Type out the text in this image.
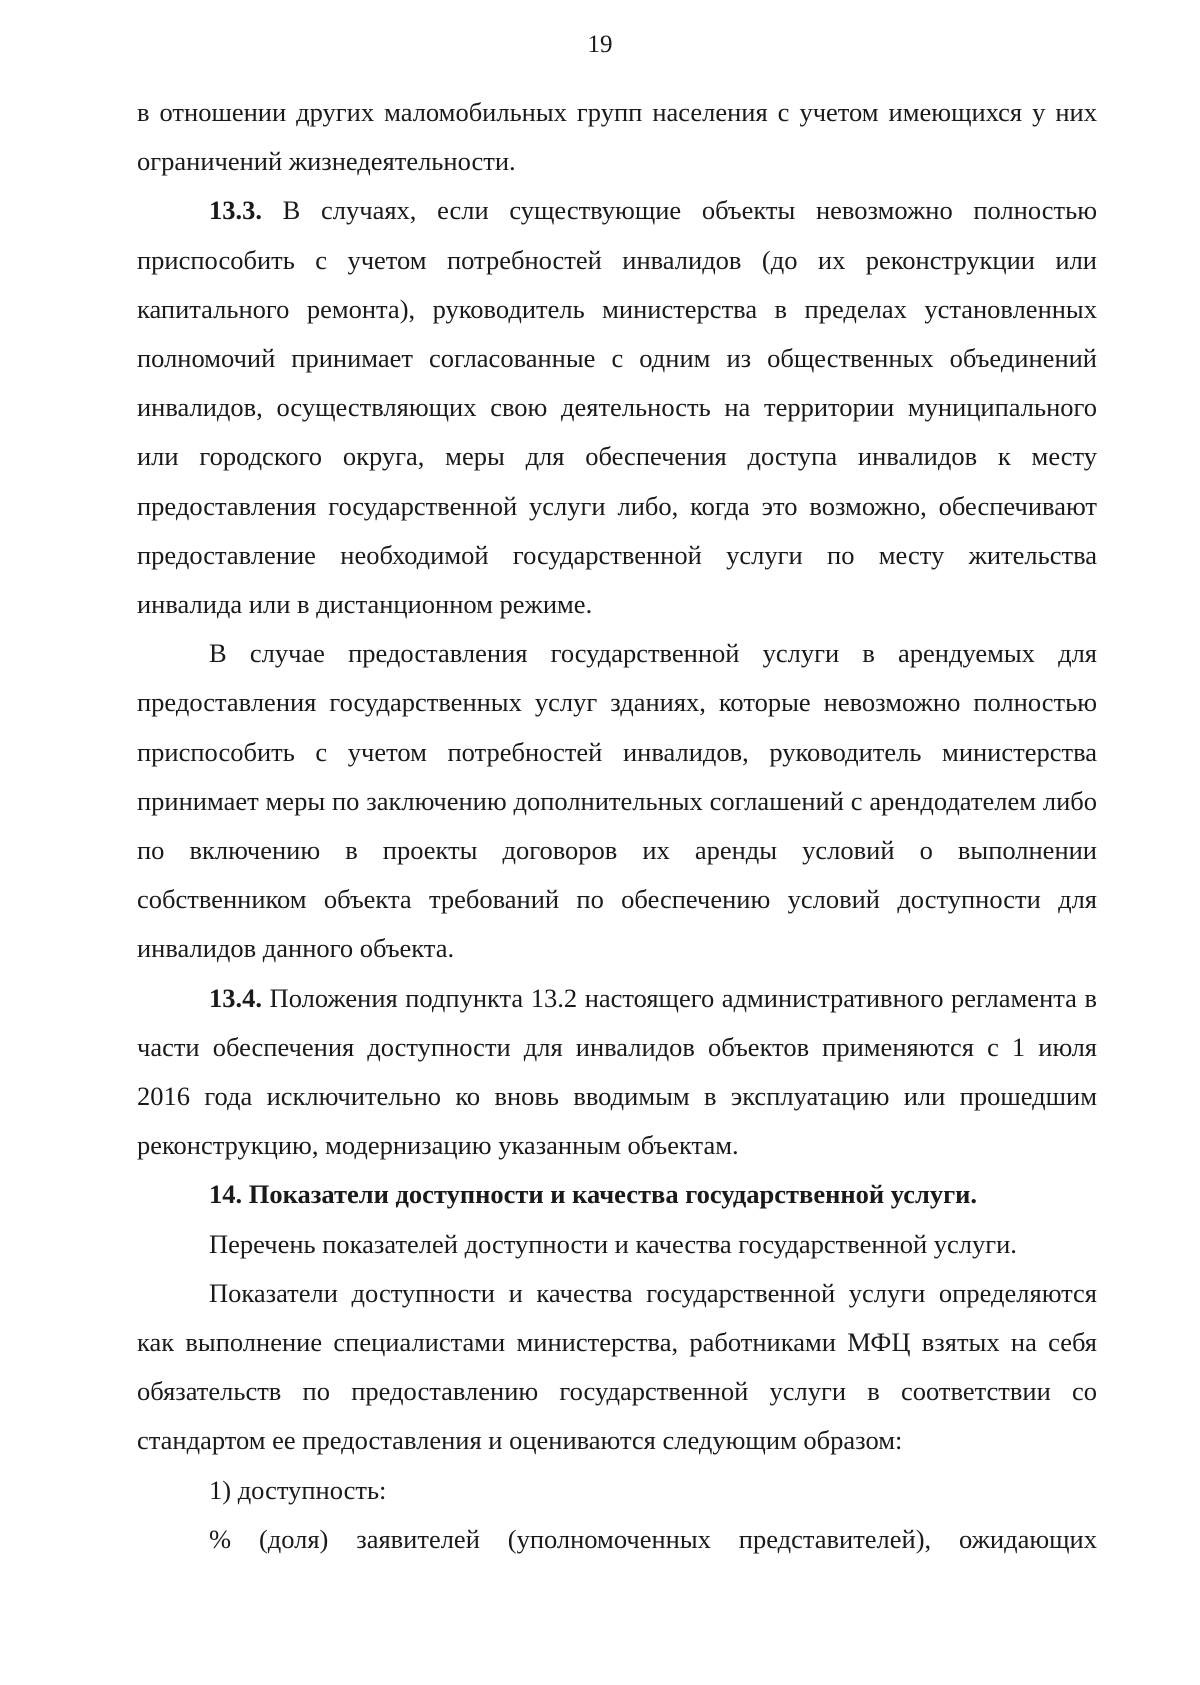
19

в отношении других маломобильных групп населения с учетом имеющихся у них ограничений жизнедеятельности.

13.3. В случаях, если существующие объекты невозможно полностью приспособить с учетом потребностей инвалидов (до их реконструкции или капитального ремонта), руководитель министерства в пределах установленных полномочий принимает согласованные с одним из общественных объединений инвалидов, осуществляющих свою деятельность на территории муниципального или городского округа, меры для обеспечения доступа инвалидов к месту предоставления государственной услуги либо, когда это возможно, обеспечивают предоставление необходимой государственной услуги по месту жительства инвалида или в дистанционном режиме.

В случае предоставления государственной услуги в арендуемых для предоставления государственных услуг зданиях, которые невозможно полностью приспособить с учетом потребностей инвалидов, руководитель министерства принимает меры по заключению дополнительных соглашений с арендодателем либо по включению в проекты договоров их аренды условий о выполнении собственником объекта требований по обеспечению условий доступности для инвалидов данного объекта.

13.4. Положения подпункта 13.2 настоящего административного регламента в части обеспечения доступности для инвалидов объектов применяются с 1 июля 2016 года исключительно ко вновь вводимым в эксплуатацию или прошедшим реконструкцию, модернизацию указанным объектам.

14. Показатели доступности и качества государственной услуги.

Перечень показателей доступности и качества государственной услуги.

Показатели доступности и качества государственной услуги определяются как выполнение специалистами министерства, работниками МФЦ взятых на себя обязательств по предоставлению государственной услуги в соответствии со стандартом ее предоставления и оцениваются следующим образом:

1) доступность:

% (доля) заявителей (уполномоченных представителей), ожидающих
